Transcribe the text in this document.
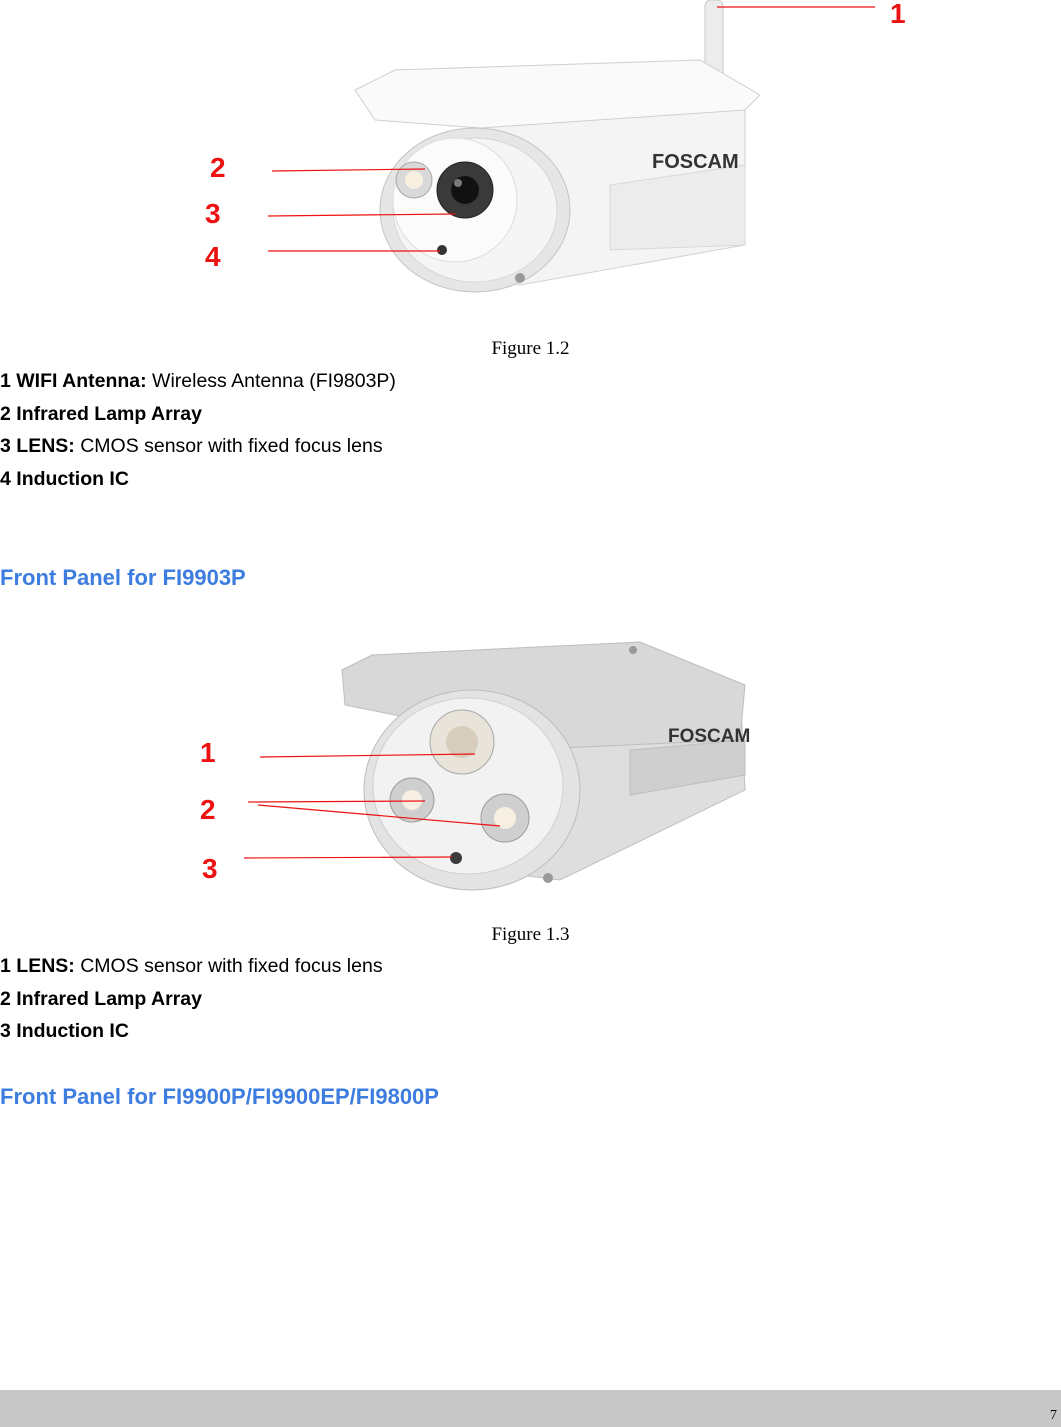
FOSCAM
1
2
3
4
Figure 1.2
1 WIFI Antenna: Wireless Antenna (FI9803P)
2 Infrared Lamp Array
3 LENS: CMOS sensor with fixed focus lens
4 Induction IC
Front Panel for FI9903P
FOSCAM
1
2
3
Figure 1.3
1 LENS: CMOS sensor with fixed focus lens
2 Infrared Lamp Array
3 Induction IC
Front Panel for FI9900P/FI9900EP/FI9800P
7
